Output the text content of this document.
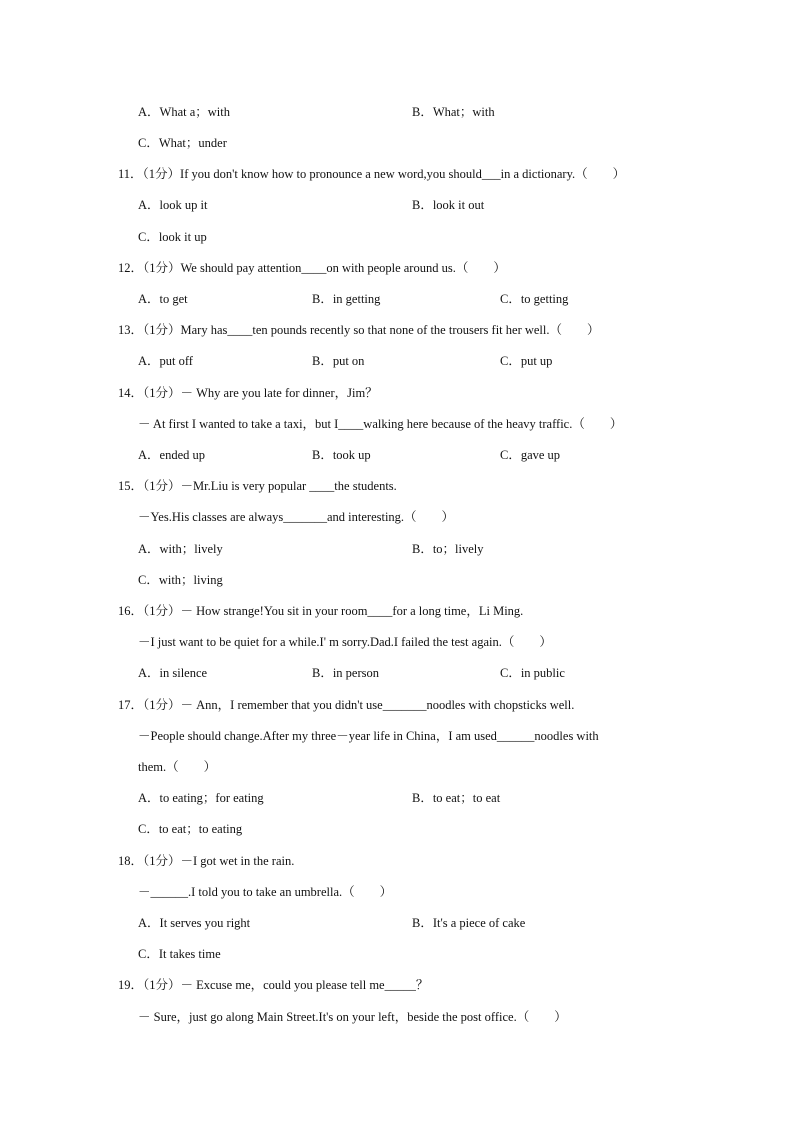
A．What a；with	B．What；with
C．What；under
11．（1分）If you don't know how to pronounce a new word,you should___in a dictionary.（　　）
A．look up it	B．look it out
C．look it up
12．（1分）We should pay attention____on with people around us.（　　）
A．to get	B．in getting	C．to getting
13．（1分）Mary has____ten pounds recently so that none of the trousers fit her well.（　　）
A．put off	B．put on	C．put up
14．（1分）－ Why are you late for dinner，Jim？
－ At first I wanted to take a taxi，but I____walking here because of the heavy traffic.（　　）
A．ended up	B．took up	C．gave up
15．（1分）－Mr.Liu is very popular ____the students.
－Yes.His classes are always_______and interesting.（　　）
A．with；lively	B．to；lively
C．with；living
16．（1分）－ How strange!You sit in your room____for a long time，Li Ming.
－I just want to be quiet for a while.I' m sorry.Dad.I failed the test again.（　　）
A．in silence	B．in person	C．in public
17．（1分）－ Ann，I remember that you didn't use_______noodles with chopsticks well.
－People should change.After my three－year life in China，I am used______noodles with
them.（　　）
A．to eating；for eating	B．to eat；to eat
C．to eat；to eating
18．（1分）－I got wet in the rain.
－______.I told you to take an umbrella.（　　）
A．It serves you right	B．It's a piece of cake
C．It takes time
19．（1分）－ Excuse me，could you please tell me_____？
－ Sure，just go along Main Street.It's on your left，beside the post office.（　　）
